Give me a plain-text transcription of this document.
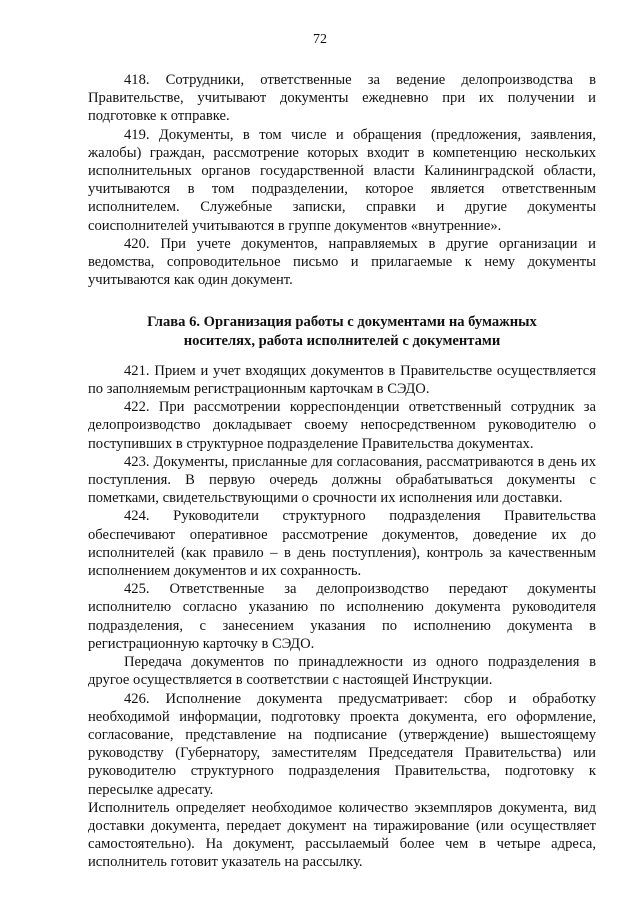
72

418. Сотрудники, ответственные за ведение делопроизводства в Правительстве, учитывают документы ежедневно при их получении и подготовке к отправке.

419. Документы, в том числе и обращения (предложения, заявления, жалобы) граждан, рассмотрение которых входит в компетенцию нескольких исполнительных органов государственной власти Калининградской области, учитываются в том подразделении, которое является ответственным исполнителем. Служебные записки, справки и другие документы соисполнителей учитываются в группе документов «внутренние».

420. При учете документов, направляемых в другие организации и ведомства, сопроводительное письмо и прилагаемые к нему документы учитываются как один документ.

Глава 6. Организация работы с документами на бумажных
носителях, работа исполнителей с документами

421. Прием и учет входящих документов в Правительстве осуществляется по заполняемым регистрационным карточкам в СЭДО.

422. При рассмотрении корреспонденции ответственный сотрудник за делопроизводство докладывает своему непосредственном руководителю о поступивших в структурное подразделение Правительства документах.

423. Документы, присланные для согласования, рассматриваются в день их поступления. В первую очередь должны обрабатываться документы с пометками, свидетельствующими о срочности их исполнения или доставки.

424. Руководители структурного подразделения Правительства обеспечивают оперативное рассмотрение документов, доведение их до исполнителей (как правило – в день поступления), контроль за качественным исполнением документов и их сохранность.

425. Ответственные за делопроизводство передают документы исполнителю согласно указанию по исполнению документа руководителя подразделения, с занесением указания по исполнению документа в регистрационную карточку в СЭДО.

Передача документов по принадлежности из одного подразделения в другое осуществляется в соответствии с настоящей Инструкции.

426. Исполнение документа предусматривает: сбор и обработку необходимой информации, подготовку проекта документа, его оформление, согласование, представление на подписание (утверждение) вышестоящему руководству (Губернатору, заместителям Председателя Правительства) или руководителю структурного подразделения Правительства, подготовку к пересылке адресату.

Исполнитель определяет необходимое количество экземпляров документа, вид доставки документа, передает документ на тиражирование (или осуществляет самостоятельно). На документ, рассылаемый более чем в четыре адреса, исполнитель готовит указатель на рассылку.
